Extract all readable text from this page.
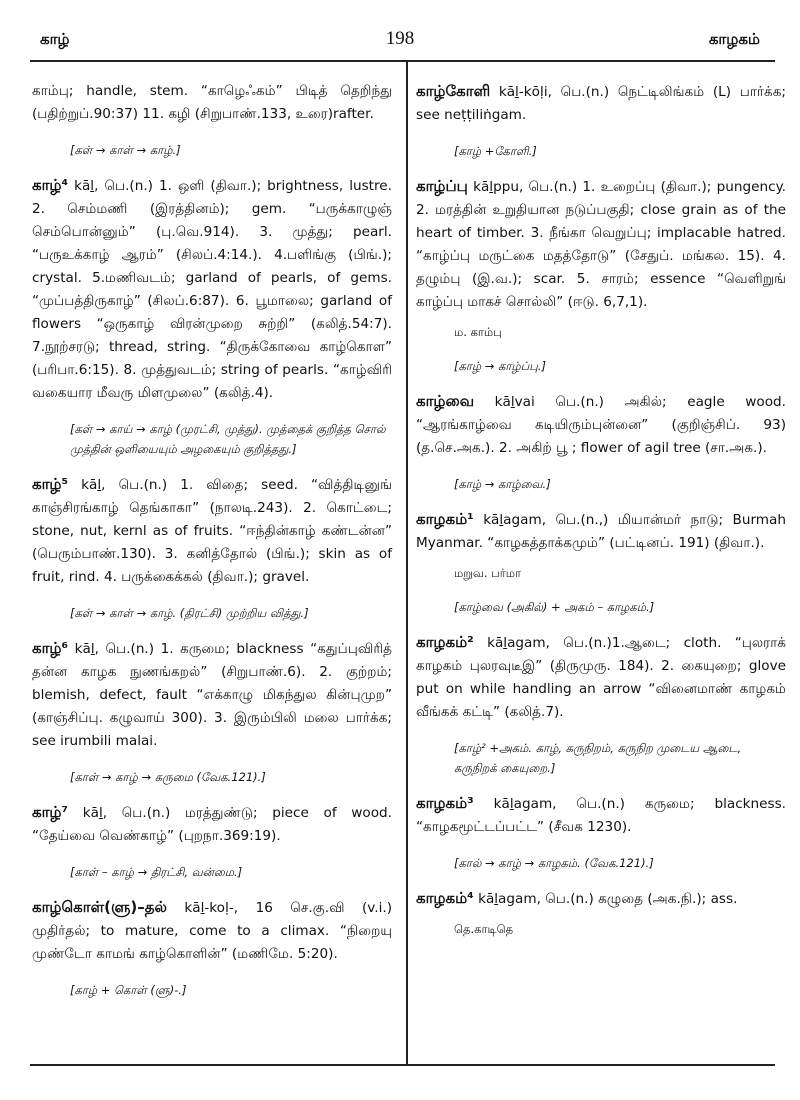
காழ்	198	காழகம்
காம்பு; handle, stem. “காழெஃகம்” பிடித் தெறிந்து (பதிற்றுப்.90:37) 11. கழி (சிறுபாண்.133, உரை)rafter.
[கள் → காள் → காழ்.]
காழ்⁴ kāḻ, பெ.(n.) 1. ஒளி (திவா.); brightness, lustre. 2. செம்மணி (இரத்தினம்); gem. “பருக்காழுஞ் செம்பொன்னும்” (பு.வெ.914). 3. முத்து; pearl. “பருஉக்காழ் ஆரம்” (சிலப்.4:14.). 4.பளிங்கு (பிங்.); crystal. 5.மணிவடம்; garland of pearls, of gems. “முப்பத்திருகாழ்” (சிலப்.6:87). 6. பூமாலை; garland of flowers “ஒருகாழ் விரன்முறை சுற்றி” (கலித்.54:7). 7.நூற்சரடு; thread, string. “திருக்கோவை காழ்கொள” (பரிபா.6:15). 8. முத்துவடம்; string of pearls. “காழ்விரி வகையார மீவரு மிளமுலை” (கலித்.4).
[கள் → காய் → காழ் (முரட்சி, முத்து). முத்தைக் குறித்த சொல் முத்தின் ஒளியையும் அழகையும் குறித்தது.]
காழ்⁵ kāḻ, பெ.(n.) 1. விதை; seed. “வித்திடினுங் காஞ்சிரங்காழ் தெங்காகா” (நாலடி.243). 2. கொட்டை; stone, nut, kernl as of fruits. “ஈந்தின்காழ் கண்டன்ன” (பெரும்பாண்.130). 3. கனித்தோல் (பிங்.); skin as of fruit, rind. 4. பருக்கைக்கல் (திவா.); gravel.
[கள் → காள் → காழ். (திரட்சி) முற்றிய வித்து.]
காழ்⁶ kāḻ, பெ.(n.) 1. கருமை; blackness “கதுப்புவிரித் தன்ன காழக நுணங்கறல்” (சிறுபாண்.6). 2. குற்றம்; blemish, defect, fault “எக்காழு மிகந்துல கின்புமுற” (காஞ்சிப்பு. கழுவாய் 300). 3. இரும்பிலி மலை பார்க்க; see irumbili malai.
[காள் → காழ் → கருமை (வேக.121).]
காழ்⁷ kāḻ, பெ.(n.) மரத்துண்டு; piece of wood. “தேய்வை வெண்காழ்” (புறநா.369:19).
[காள் – காழ் → திரட்சி, வன்மை.]
காழ்கொள்(ளு)–தல் kāḻ-koḷ-, 16 செ.கு.வி (v.i.) முதிர்தல்; to mature, come to a climax. “நிறையு முண்டோ காமங் காழ்கொளின்” (மணிமே. 5:20).
[காழ் + கொள் (ளு)-.]
காழ்கோளி kāḻ-kōḷi, பெ.(n.) நெட்டிலிங்கம் (L) பார்க்க; see neṭṭiliṅgam.
[காழ் +கோளி.]
காழ்ப்பு kāḻppu, பெ.(n.) 1. உறைப்பு (திவா.); pungency. 2. மரத்தின் உறுதியான நடுப்பகுதி; close grain as of the heart of timber. 3. நீங்கா வெறுப்பு; implacable hatred. “காழ்ப்பு மருட்கை மதத்தோடு” (சேதுப். மங்கல. 15). 4. தழும்பு (இ.வ.); scar. 5. சாரம்; essence “வெளிறுங் காழ்ப்பு மாகச் சொல்லி” (ஈடு. 6,7,1).
ம. காம்பு
[காழ் → காழ்ப்பு.]
காழ்வை kāḻvai பெ.(n.) அகில்; eagle wood. “ஆரங்காழ்வை கடியிரும்புன்னை” (குறிஞ்சிப். 93) (த.செ.அக.). 2. அகிற் பூ ; flower of agil tree (சா.அக.).
[காழ் → காழ்வை.]
காழகம்¹ kāḻagam, பெ.(n.,) மியான்மர் நாடு; Burmah Myanmar. “காழகத்தாக்கமும்” (பட்டினப். 191) (திவா.).
மறுவ. பர்மா
[காழ்வை (அகில்) + அகம் – காழகம்.]
காழகம்² kāḻagam, பெ.(n.)1.ஆடை; cloth. “புலராக் காழகம் புலரவுடீஇ” (திருமுரு. 184). 2. கையுறை; glove put on while handling an arrow “வினைமாண் காழகம் வீங்கக் கட்டி” (கலித்.7).
[காழ்² +அகம். காழ், கருநிறம், கருநிற முடைய ஆடை, கருநிறக் கையுறை.]
காழகம்³ kāḻagam, பெ.(n.) கருமை; blackness. “காழகமூட்டப்பட்ட” (சீவக 1230).
[கால் → காழ் → காழகம். (வேக.121).]
காழகம்⁴ kāḻagam, பெ.(n.) கழுதை (அக.நி.); ass.
தெ.காடிதெ
